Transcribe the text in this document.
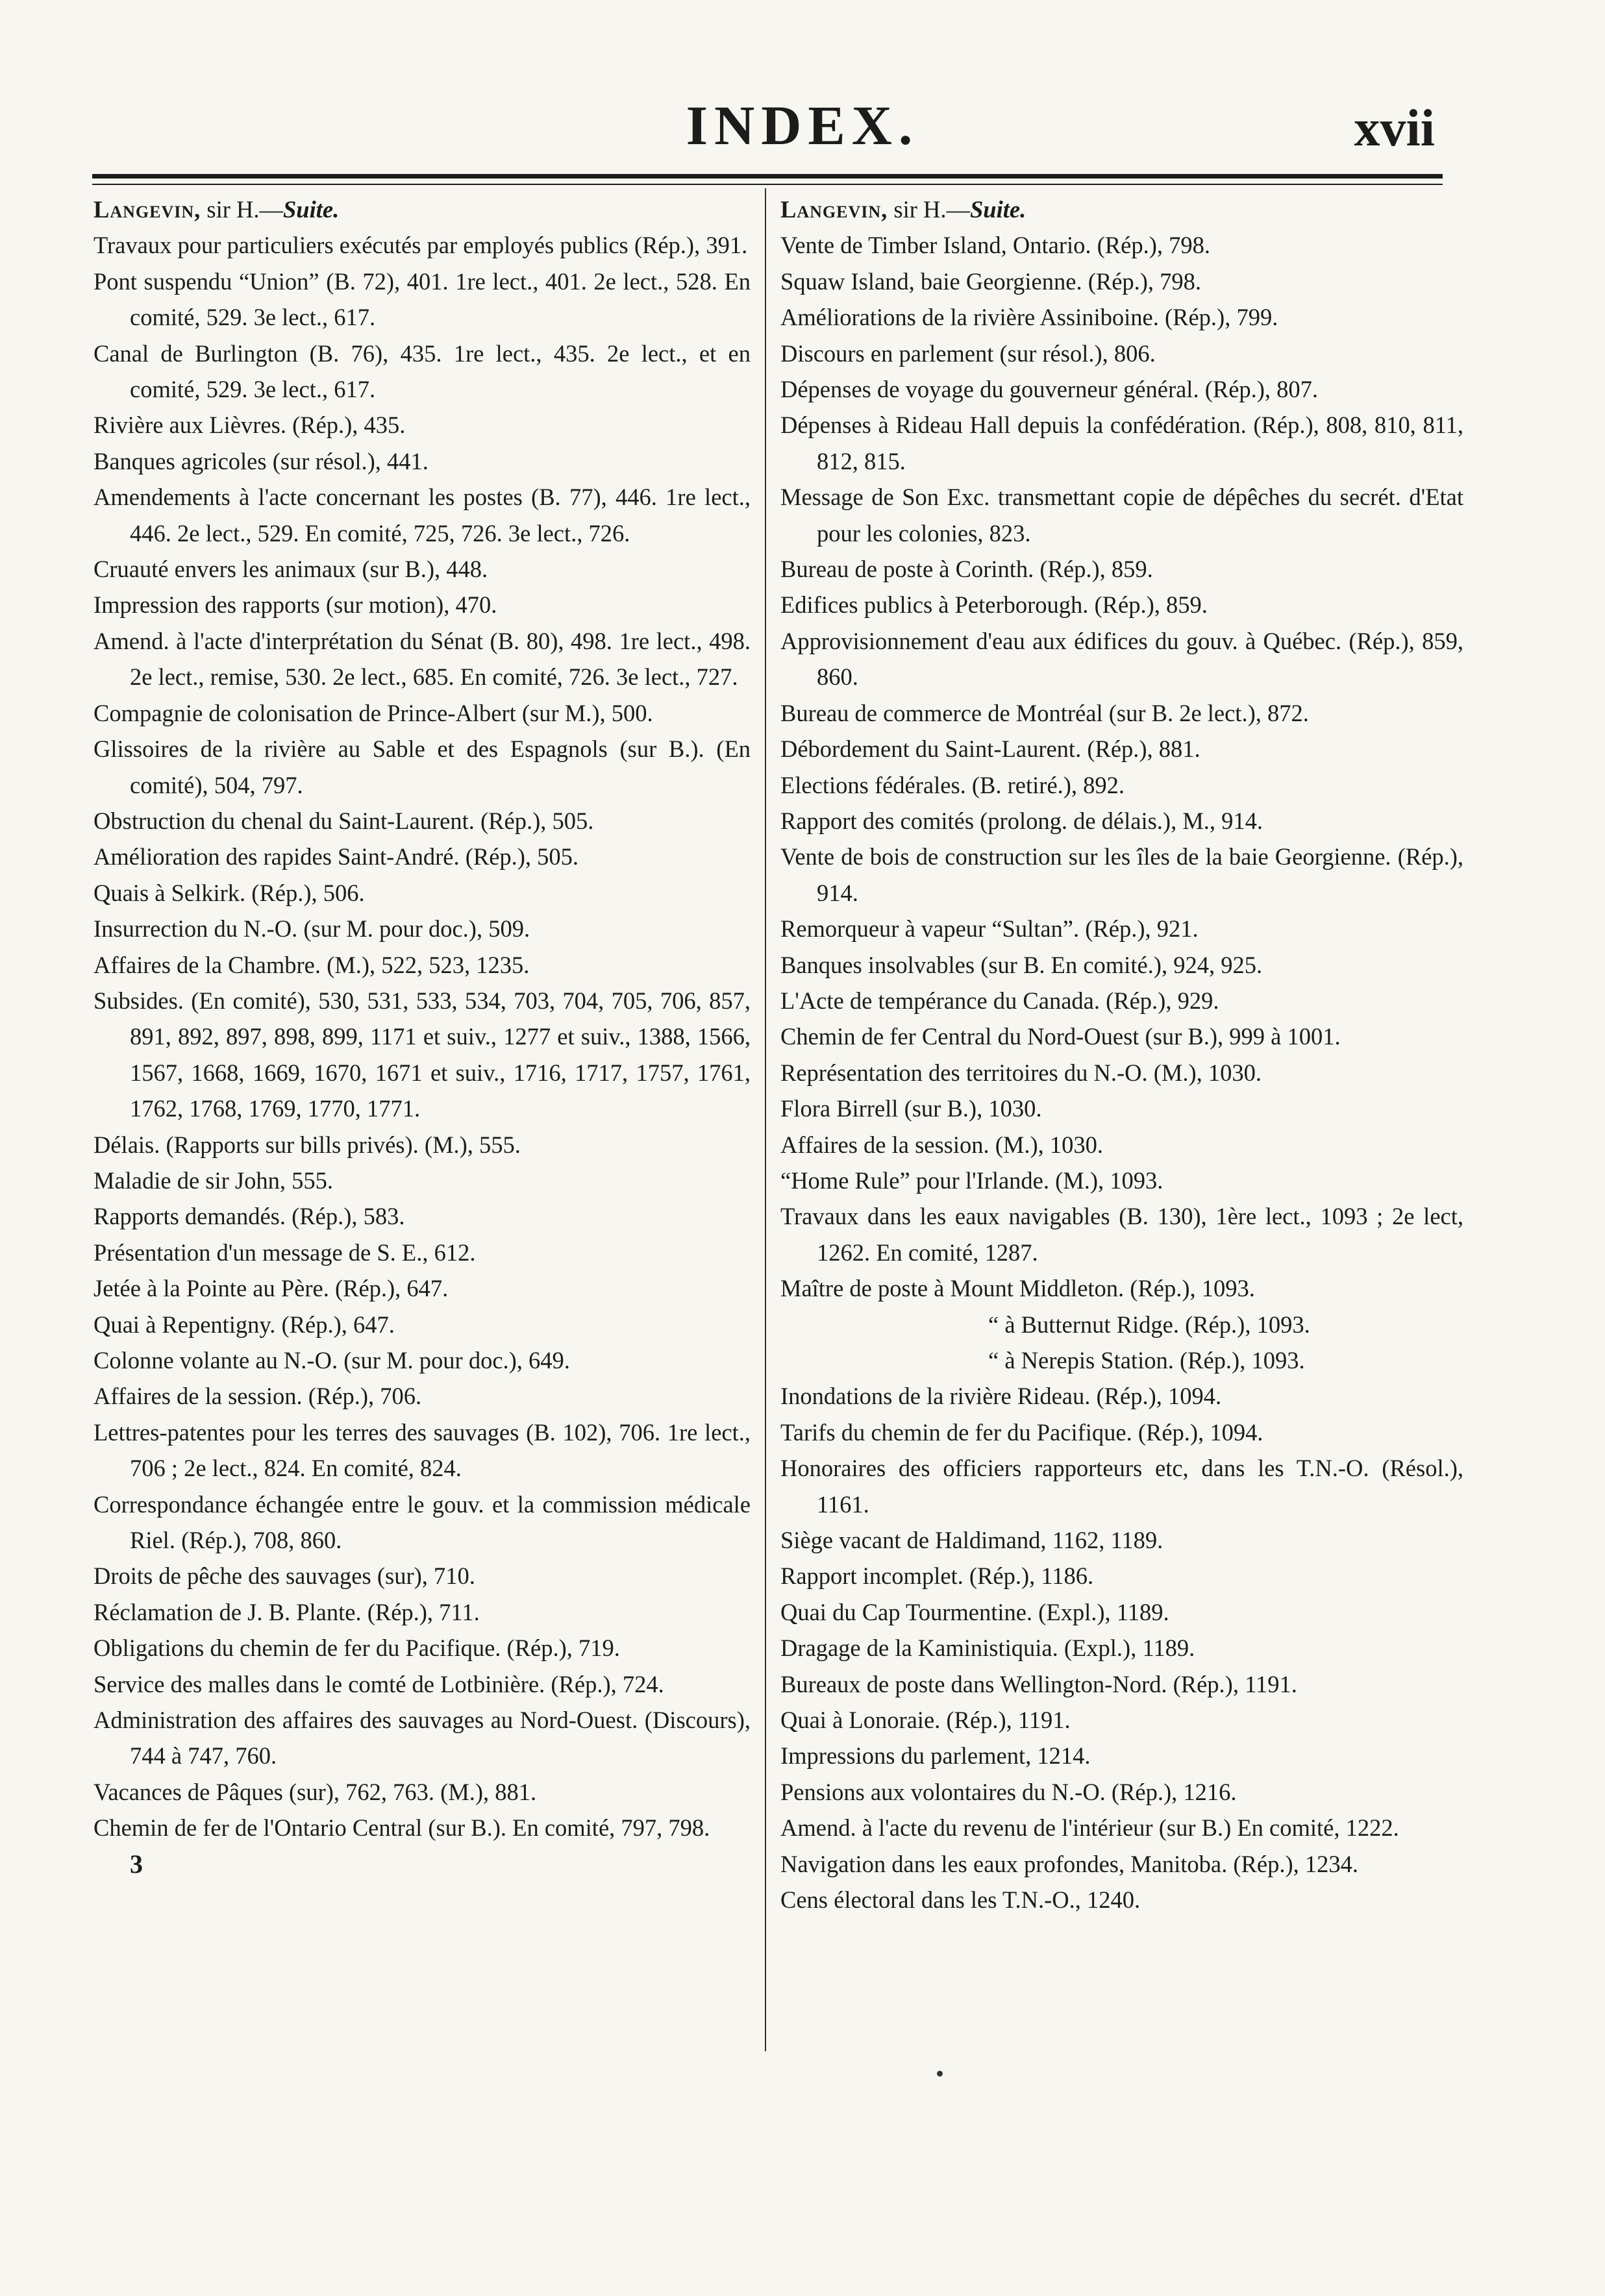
INDEX.	xvii

Langevin, sir H.—Suite.

Travaux pour particuliers exécutés par employés publics (Rép.), 391.

Pont suspendu “Union” (B. 72), 401. 1re lect., 401. 2e lect., 528. En comité, 529. 3e lect., 617.

Canal de Burlington (B. 76), 435. 1re lect., 435. 2e lect., et en comité, 529. 3e lect., 617.

Rivière aux Lièvres. (Rép.), 435.

Banques agricoles (sur résol.), 441.

Amendements à l'acte concernant les postes (B. 77), 446. 1re lect., 446. 2e lect., 529. En comité, 725, 726. 3e lect., 726.

Cruauté envers les animaux (sur B.), 448.

Impression des rapports (sur motion), 470.

Amend. à l'acte d'interprétation du Sénat (B. 80), 498. 1re lect., 498. 2e lect., remise, 530. 2e lect., 685. En comité, 726. 3e lect., 727.

Compagnie de colonisation de Prince-Albert (sur M.), 500.

Glissoires de la rivière au Sable et des Espagnols (sur B.). (En comité), 504, 797.

Obstruction du chenal du Saint-Laurent. (Rép.), 505.

Amélioration des rapides Saint-André. (Rép.), 505.

Quais à Selkirk. (Rép.), 506.

Insurrection du N.-O. (sur M. pour doc.), 509.

Affaires de la Chambre. (M.), 522, 523, 1235.

Subsides. (En comité), 530, 531, 533, 534, 703, 704, 705, 706, 857, 891, 892, 897, 898, 899, 1171 et suiv., 1277 et suiv., 1388, 1566, 1567, 1668, 1669, 1670, 1671 et suiv., 1716, 1717, 1757, 1761, 1762, 1768, 1769, 1770, 1771.

Délais. (Rapports sur bills privés). (M.), 555.

Maladie de sir John, 555.

Rapports demandés. (Rép.), 583.

Présentation d'un message de S. E., 612.

Jetée à la Pointe au Père. (Rép.), 647.

Quai à Repentigny. (Rép.), 647.

Colonne volante au N.-O. (sur M. pour doc.), 649.

Affaires de la session. (Rép.), 706.

Lettres-patentes pour les terres des sauvages (B. 102), 706. 1re lect., 706 ; 2e lect., 824. En comité, 824.

Correspondance échangée entre le gouv. et la commission médicale Riel. (Rép.), 708, 860.

Droits de pêche des sauvages (sur), 710.

Réclamation de J. B. Plante. (Rép.), 711.

Obligations du chemin de fer du Pacifique. (Rép.), 719.

Service des malles dans le comté de Lotbinière. (Rép.), 724.

Administration des affaires des sauvages au Nord-Ouest. (Discours), 744 à 747, 760.

Vacances de Pâques (sur), 762, 763. (M.), 881.

Chemin de fer de l'Ontario Central (sur B.). En comité, 797, 798.

3

Langevin, sir H.—Suite.

Vente de Timber Island, Ontario. (Rép.), 798.

Squaw Island, baie Georgienne. (Rép.), 798.

Améliorations de la rivière Assiniboine. (Rép.), 799.

Discours en parlement (sur résol.), 806.

Dépenses de voyage du gouverneur général. (Rép.), 807.

Dépenses à Rideau Hall depuis la confédération. (Rép.), 808, 810, 811, 812, 815.

Message de Son Exc. transmettant copie de dépêches du secrét. d'Etat pour les colonies, 823.

Bureau de poste à Corinth. (Rép.), 859.

Edifices publics à Peterborough. (Rép.), 859.

Approvisionnement d'eau aux édifices du gouv. à Québec. (Rép.), 859, 860.

Bureau de commerce de Montréal (sur B. 2e lect.), 872.

Débordement du Saint-Laurent. (Rép.), 881.

Elections fédérales. (B. retiré.), 892.

Rapport des comités (prolong. de délais.), M., 914.

Vente de bois de construction sur les îles de la baie Georgienne. (Rép.), 914.

Remorqueur à vapeur “Sultan”. (Rép.), 921.

Banques insolvables (sur B. En comité.), 924, 925.

L'Acte de tempérance du Canada. (Rép.), 929.

Chemin de fer Central du Nord-Ouest (sur B.), 999 à 1001.

Représentation des territoires du N.-O. (M.), 1030.

Flora Birrell (sur B.), 1030.

Affaires de la session. (M.), 1030.

“Home Rule” pour l'Irlande. (M.), 1093.

Travaux dans les eaux navigables (B. 130), 1ère lect., 1093 ; 2e lect, 1262. En comité, 1287.

Maître de poste à Mount Middleton. (Rép.), 1093.

“ à Butternut Ridge. (Rép.), 1093.

“ à Nerepis Station. (Rép.), 1093.

Inondations de la rivière Rideau. (Rép.), 1094.

Tarifs du chemin de fer du Pacifique. (Rép.), 1094.

Honoraires des officiers rapporteurs etc, dans les T.N.-O. (Résol.), 1161.

Siège vacant de Haldimand, 1162, 1189.

Rapport incomplet. (Rép.), 1186.

Quai du Cap Tourmentine. (Expl.), 1189.

Dragage de la Kaministiquia. (Expl.), 1189.

Bureaux de poste dans Wellington-Nord. (Rép.), 1191.

Quai à Lonoraie. (Rép.), 1191.

Impressions du parlement, 1214.

Pensions aux volontaires du N.-O. (Rép.), 1216.

Amend. à l'acte du revenu de l'intérieur (sur B.) En comité, 1222.

Navigation dans les eaux profondes, Manitoba. (Rép.), 1234.

Cens électoral dans les T.N.-O., 1240.
